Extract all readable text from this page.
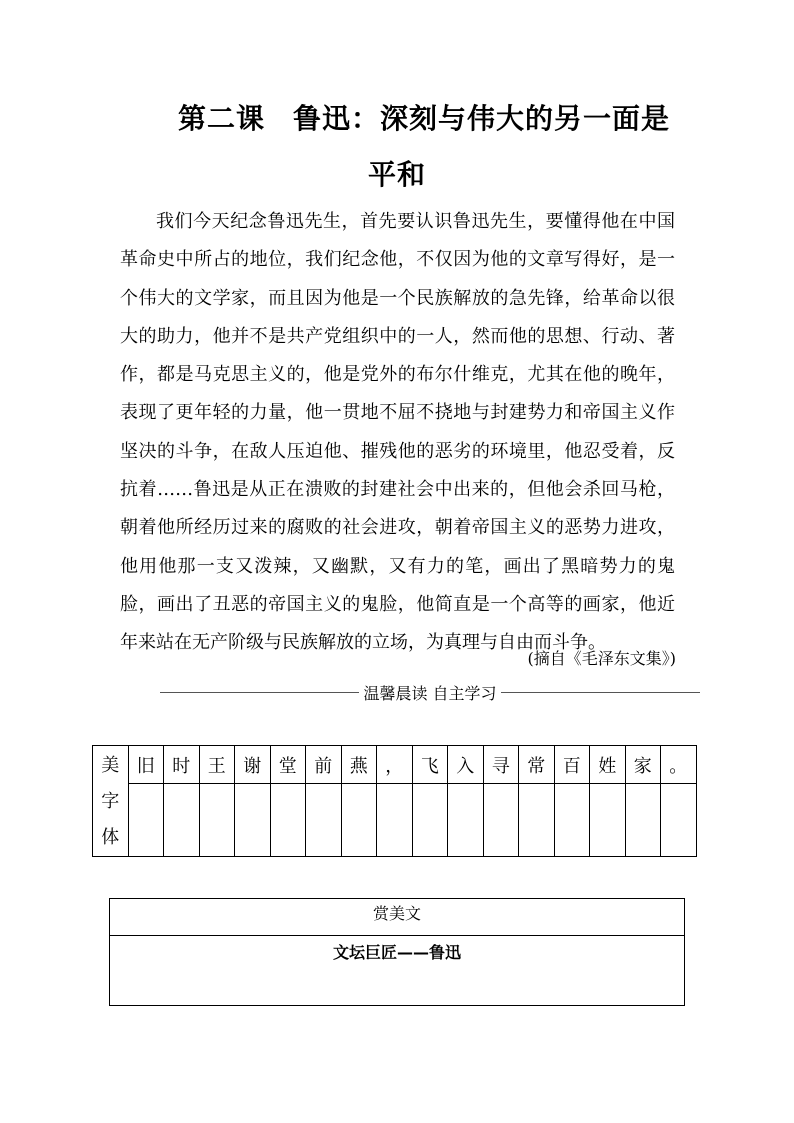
第二课 鲁迅：深刻与伟大的另一面是
平和
我们今天纪念鲁迅先生，首先要认识鲁迅先生，要懂得他在中国革命史中所占的地位，我们纪念他，不仅因为他的文章写得好，是一个伟大的文学家，而且因为他是一个民族解放的急先锋，给革命以很大的助力，他并不是共产党组织中的一人，然而他的思想、行动、著作，都是马克思主义的，他是党外的布尔什维克，尤其在他的晚年，表现了更年轻的力量，他一贯地不屈不挠地与封建势力和帝国主义作坚决的斗争，在敌人压迫他、摧残他的恶劣的环境里，他忍受着，反抗着……鲁迅是从正在溃败的封建社会中出来的，但他会杀回马枪，朝着他所经历过来的腐败的社会进攻，朝着帝国主义的恶势力进攻，他用他那一支又泼辣，又幽默，又有力的笔，画出了黑暗势力的鬼脸，画出了丑恶的帝国主义的鬼脸，他简直是一个高等的画家，他近年来站在无产阶级与民族解放的立场，为真理与自由而斗争。
(摘自《毛泽东文集》)
温馨晨读 自主学习
美
字
体	旧	时	王	谢	堂	前	燕	，	飞	入	寻	常	百	姓	家	。

赏美文
文坛巨匠——鲁迅
